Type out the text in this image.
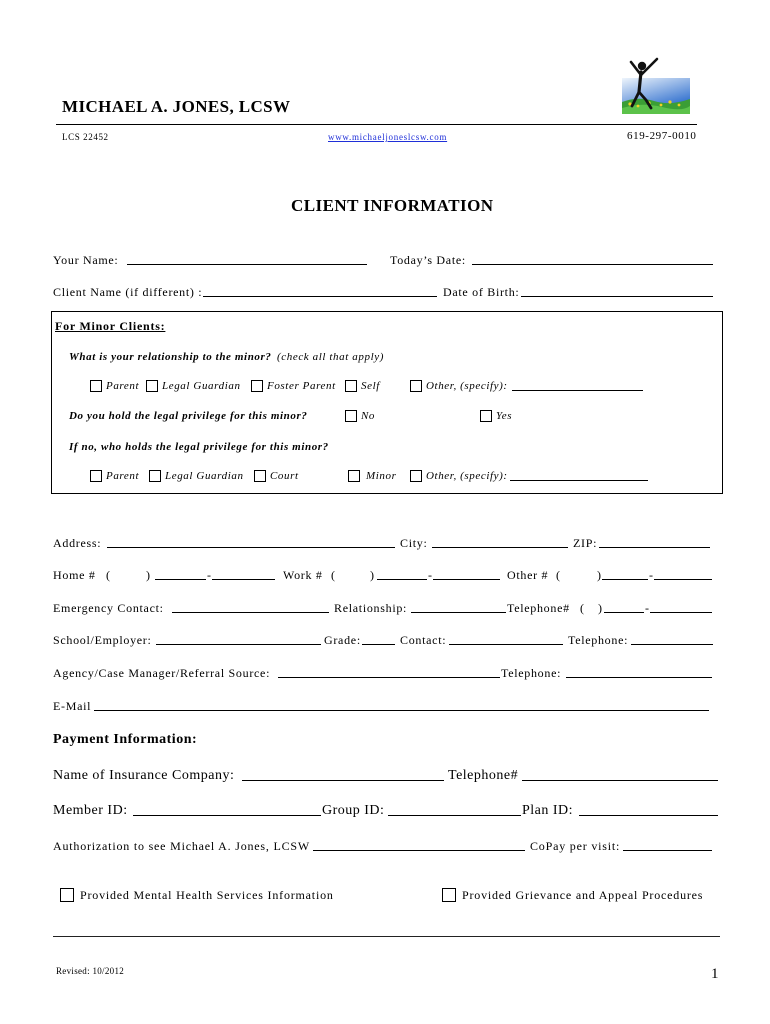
MICHAEL A. JONES, LCSW
LCS 22452	www.michaeljoneslcsw.com	619-297-0010
CLIENT INFORMATION
Your Name:	Today’s Date:
Client Name (if different) :	Date of Birth:
For Minor Clients:
What is your relationship to the minor? (check all that apply)
Parent Legal Guardian Foster Parent Self	Other, (specify):
Do you hold the legal privilege for this minor?	No	Yes
If no, who holds the legal privilege for this minor?
Parent Legal Guardian Court	Minor	Other, (specify):
Address:	City:	ZIP:
Home # (	)	-	Work # (	)	-	Other # (	)	-
Emergency Contact:	Relationship:	Telephone# ( )	-
School/Employer:	Grade:	Contact:	Telephone:
Agency/Case Manager/Referral Source:	Telephone:
E-Mail
Payment Information:
Name of Insurance Company:	Telephone#
Member ID:	Group ID:	Plan ID:
Authorization to see Michael A. Jones, LCSW	CoPay per visit:
Provided Mental Health Services Information	Provided Grievance and Appeal Procedures
Revised: 10/2012	1
